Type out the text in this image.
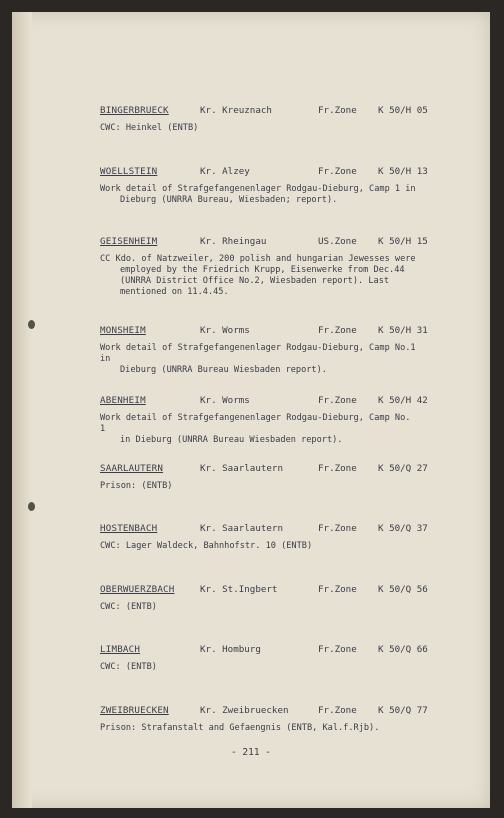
BINGERBRUECK	Kr. Kreuznach	Fr.Zone K 50/H 05

CWC: Heinkel (ENTB)

WOELLSTEIN	Kr. Alzey	Fr.Zone K 50/H 13

Work detail of Strafgefangenenlager Rodgau-Dieburg, Camp 1 in
Dieburg (UNRRA Bureau, Wiesbaden; report).

GEISENHEIM	Kr. Rheingau	US.Zone K 50/H 15

CC Kdo. of Natzweiler, 200 polish and hungarian Jewesses were
employed by the Friedrich Krupp, Eisenwerke from Dec.44 (UNRRA District Office No.2, Wiesbaden report). Last mentioned on 11.4.45.

MONSHEIM	Kr. Worms	Fr.Zone K 50/H 31

Work detail of Strafgefangenenlager Rodgau-Dieburg, Camp No.1 in
Dieburg (UNRRA Bureau Wiesbaden report).

ABENHEIM	Kr. Worms	Fr.Zone K 50/H 42

Work detail of Strafgefangenenlager Rodgau-Dieburg, Camp No. 1
in Dieburg (UNRRA Bureau Wiesbaden report).

SAARLAUTERN	Kr. Saarlautern	Fr.Zone K 50/Q 27

Prison: (ENTB)

HOSTENBACH	Kr. Saarlautern	Fr.Zone K 50/Q 37

CWC: Lager Waldeck, Bahnhofstr. 10 (ENTB)

OBERWUERZBACH	Kr. St.Ingbert	Fr.Zone K 50/Q 56

CWC: (ENTB)

LIMBACH	Kr. Homburg	Fr.Zone K 50/Q 66

CWC: (ENTB)

ZWEIBRUECKEN	Kr. Zweibruecken	Fr.Zone K 50/Q 77

Prison: Strafanstalt and Gefaengnis (ENTB, Kal.f.Rjb).

- 211 -
